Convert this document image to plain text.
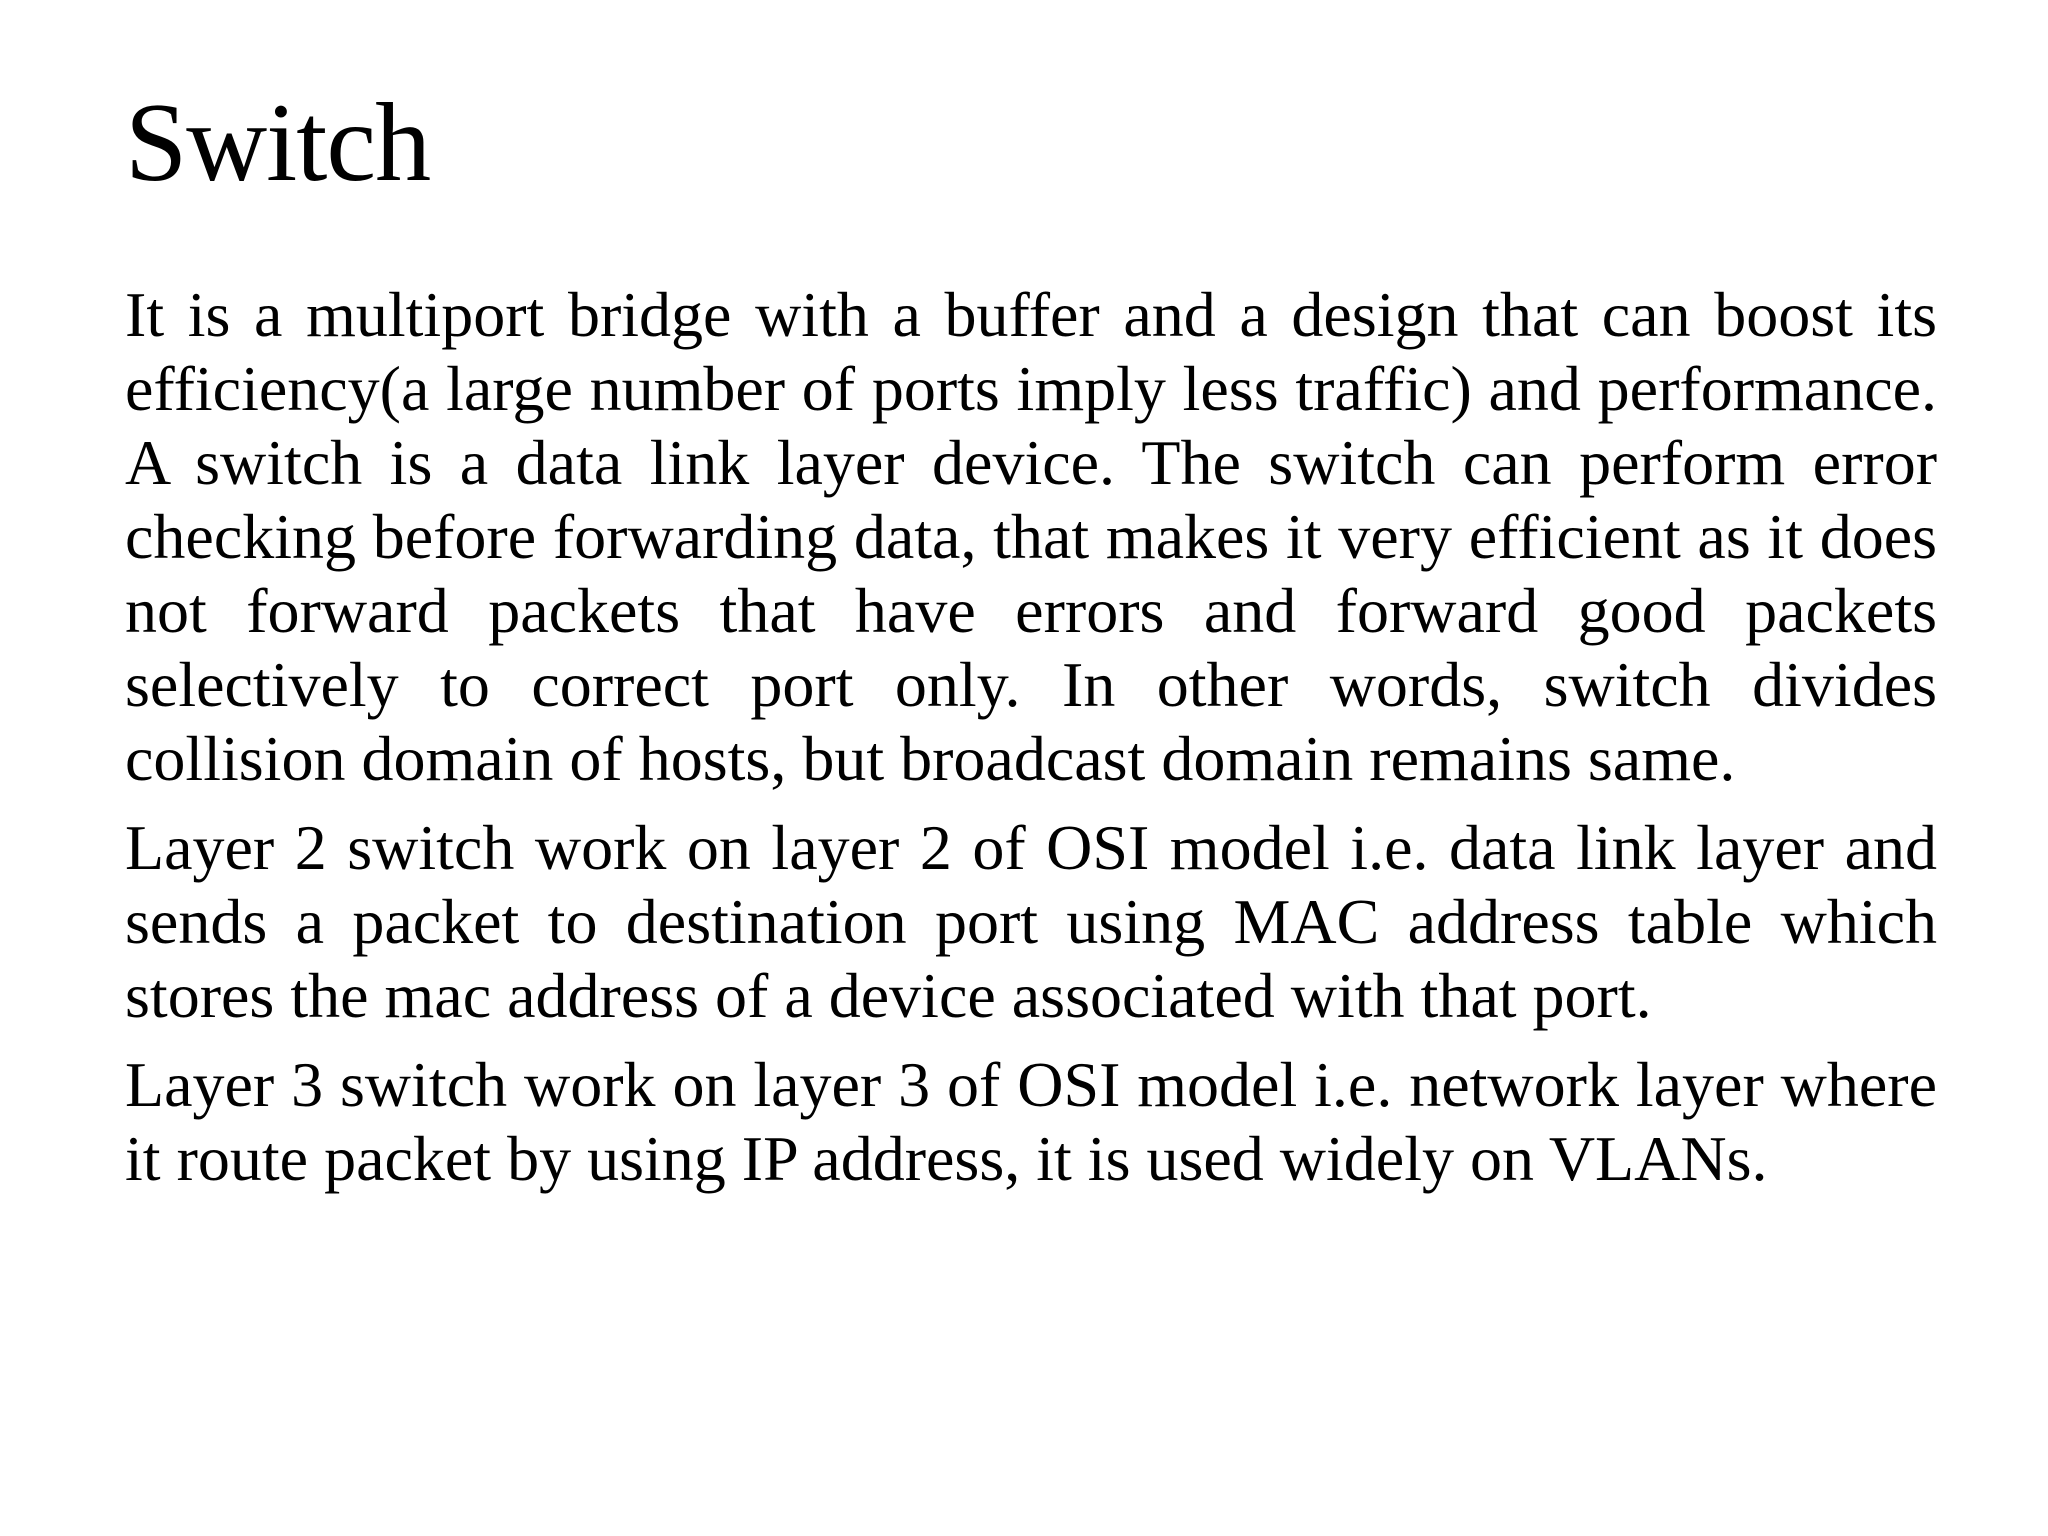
Switch

It is a multiport bridge with a buffer and a design that can boost its efficiency(a large number of ports imply less traffic) and performance. A switch is a data link layer device. The switch can perform error checking before forwarding data, that makes it very efficient as it does not forward packets that have errors and forward good packets selectively to correct port only. In other words, switch divides collision domain of hosts, but broadcast domain remains same.

Layer 2 switch work on layer 2 of OSI model i.e. data link layer and sends a packet to destination port using MAC address table which stores the mac address of a device associated with that port.

Layer 3 switch work on layer 3 of OSI model i.e. network layer where it route packet by using IP address, it is used widely on VLANs.
